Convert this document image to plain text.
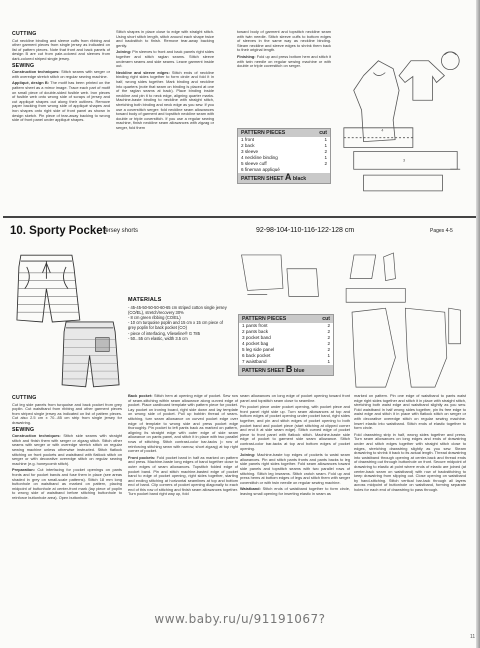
CUTTING

Cut neckline binding and sleeve cuffs from ribbing and other garment pieces from single jersey as indicated on list of pattern pieces. Note that front and back panels of design B are cut from pale-colored and sleeves from dark-colored striped single jersey.

SEWING

Construction techniques: Stitch seams with serger or with overedge stretch stitch on regular sewing machine.

Appliqué, design B: The motif has been printed on the pattern sheet as a mirror image. Trace each part of motif on small piece of double-sided fusible web. Iron pieces of fusible web onto wrong side of scraps of jersey and cut appliqué shapes out along their outlines. Remove paper backing from wrong side of appliqué shapes and iron shapes onto right side of front panel as shown in design sketch. Pin piece of tear-away backing to wrong side of front panel under appliqué shapes.

Stitch shapes in place close to edge with straight stitch. Using short stitch length, stitch around each shape twice and backstitch to finish. Remove tear-away backing gently.

Joining: Pin sleeves to front and back panels right sides together and stitch raglan seams. Stitch sleeve underarm seams and side seams. Leave garment inside out.

Neckline and sleeve edges: Stitch ends of neckline binding right sides together to form circle and fold it in half, wrong sides together. Mark binding and neckline into quarters (note that seam on binding is placed at one of the raglan seams at back). Place binding inside neckline and pin it to neck edge, aligning quarter marks. Machine-baste binding to neckline with straight stitch, stretching both binding and neck edge as you sew. If you use a coverstitch serger: fold neckline seam allowances toward body of garment and topstitch neckline seam with double or triple coverstitch. If you use a regular sewing machine, finish neckline seam allowances with zigzag or serger, fold them

toward body of garment and topstitch neckline seam with twin needle. Stitch sleeve cuffs to bottom edges of sleeves in the same way as neckline binding. Steam neckline and sleeve edges to shrink them back to their original length.

Finishing: Fold up and press bottom hem and stitch it with twin needle on regular sewing machine or with double or triple coverstitch on serger.

PATTERN PIECES	cut
1 front	1
2 back	1
3 sleeve	2
4 neckline binding	1
5 sleeve cuff	2
6 fineman appliqué
PATTERN SHEET A black
4
3
10. Sporty Pocket
jersey shorts	92-98-104-110-116-122-128 cm	Pages 4-5
MATERIALS
- 45-45-50-50-50-60-65 cm striped cotton single jersey (CO/EL), stretch/recovery 30%
- 8 cm green ribbing (CO/EL)
- 10 cm turquoise poplin and 15 cm x 15 cm piece of grey poplin for back pocket (CO)
- piece of interfacing, Vlieseline® G 785
- 50...55 cm elastic, width 3.5 cm
PATTERN PIECES	cut
1 pants front	2
2 pants back	2
3 pocket band	2
4 pocket bag	2
5 leg side panel	2
6 back pocket	1
7 waistband	1
PATTERN SHEET B blue
CUTTING

Cut leg side panels from turquoise and back pocket from grey poplin. Cut waistband from ribbing and other garment pieces from striped single jersey as indicated on list of pattern pieces. Cut also 2.5 cm x 70...85 cm strip from single jersey for drawstring.

SEWING

Construction techniques: Stitch side seams with straight stitch and finish them with serger or zigzag stitch. Stitch other seams with serger or with overedge stretch stitch on regular sewing machine unless otherwise instructed. Stitch flatlock stitching on front pockets and waistband with flatlock stitch on serger or with decorative overedge stitch on regular sewing machine (e.g. honeycomb stitch).

Preparation: Cut interfacing for pocket openings on pants fronts and for pocket bands and fuse them in place (see areas shaded in grey on small-scale patterns). Stitch 18 mm long buttonhole on waistband as marked on pattern, placing midpoint of buttonhole at center-front mark (lay piece of poplin to wrong side of waistband before stitching buttonhole to reinforce buttonhole area). Open buttonhole.

Back pocket: Stitch hem at opening edge of pocket. Sew row of seam-stitching within seam allowance along curved edge of pocket. Place cardboard template with pattern piece for pocket. Lay pocket on ironing board, right side down and lay template on wrong side of pocket. Pull up bobbin thread of seam-stitching, turn seam allowance on curved pocket edge over edge of template to wrong side and press pocket edge thoroughly. Pin pocket to left pants back as marked on pattern, aligning its straight edge with outer edge of side seam allowance on pants panel, and stitch it in place with two parallel rows of stitching. Stitch contrast-color bar-tacks (= row of reinforcing stitching sewn with narrow, short zigzag) at top right corner of pocket.

Front pockets: Fold pocket band in half as marked on pattern and press. Machine-baste long edges of band together close to outer edges of seam allowances. Topstitch folded edge of pocket band. Pin and stitch machine-basted edge of pocket band to edge of pocket opening, right sides together, starting and ending stitching at horizontal seamlines at top and bottom end of band. Clip corners of pocket opening diagonally to each end of this row of stitching and finish seam allowances together. Turn pocket band right way up, fold

seam allowances on long edge of pocket opening toward front panel and topstitch seam close to seamline.

Pin pocket piece under pocket opening, with pocket piece and front panel right side up. Turn seam allowances at top and bottom edges of pocket opening under pocket band, right sides together, and pin and stitch edges of pocket opening to both pocket band and pocket piece (start stitching at clipped corner and end it at side seam edge). Stitch curved edge of pocket piece to front panel with flatlock stitch. Machine-baste side edge of pocket to garment side seam allowance. Stitch contrast-color bar-tacks at top and bottom edges of pocket opening.

Joining: Machine-baste top edges of pockets to waist seam allowances. Pin and stitch pants fronts and pants backs to leg side panels right sides together. Fold seam allowances toward side panels and topstitch seams with two parallel rows of stitching. Stitch leg inseams. Stitch crotch seam. Fold up and press hems at bottom edges of legs and stitch them with serger coverstitch or with twin needle on regular sewing machine.

Waistband: Stitch ends of waistband together to form circle, leaving small opening for inserting elastic in seam as

marked on pattern. Pin one edge of waistband to pants waist edge right sides together and stitch it in place with straight stitch, stretching both waist edge and waistband slightly as you sew. Fold waistband in half wrong sides together, pin its free edge to waist edge and stitch it in place with flatlock stitch on serger or with decorative overedge stitch on regular sewing machine. Insert elastic into waistband. Stitch ends of elastic together to form circle.

Fold drawstring strip in half, wrong sides together and press. Turn seam allowances on long edges and ends of drawstring under and stitch edges together with straight stitch close to edges, stretching drawstring slightly as you sew. Steam drawstring to shrink it back to its actual length. Thread drawstring into waistband through opening at center-back and thread ends of drawstring out through buttonhole on front. Secure midpoint of drawstring to elastic at point where ends of elastic are joined (at center-back seam on waistband) with row of backstitching to keep drawstring from slipping out. Close opening on waistband by hand-stitching. Stitch vertical bar-tack through all layers across midpoint of buttonhole on waistband, forming separate holes for each end of drawstring to pass through.

www.baby.ru/u/91191067?
11
